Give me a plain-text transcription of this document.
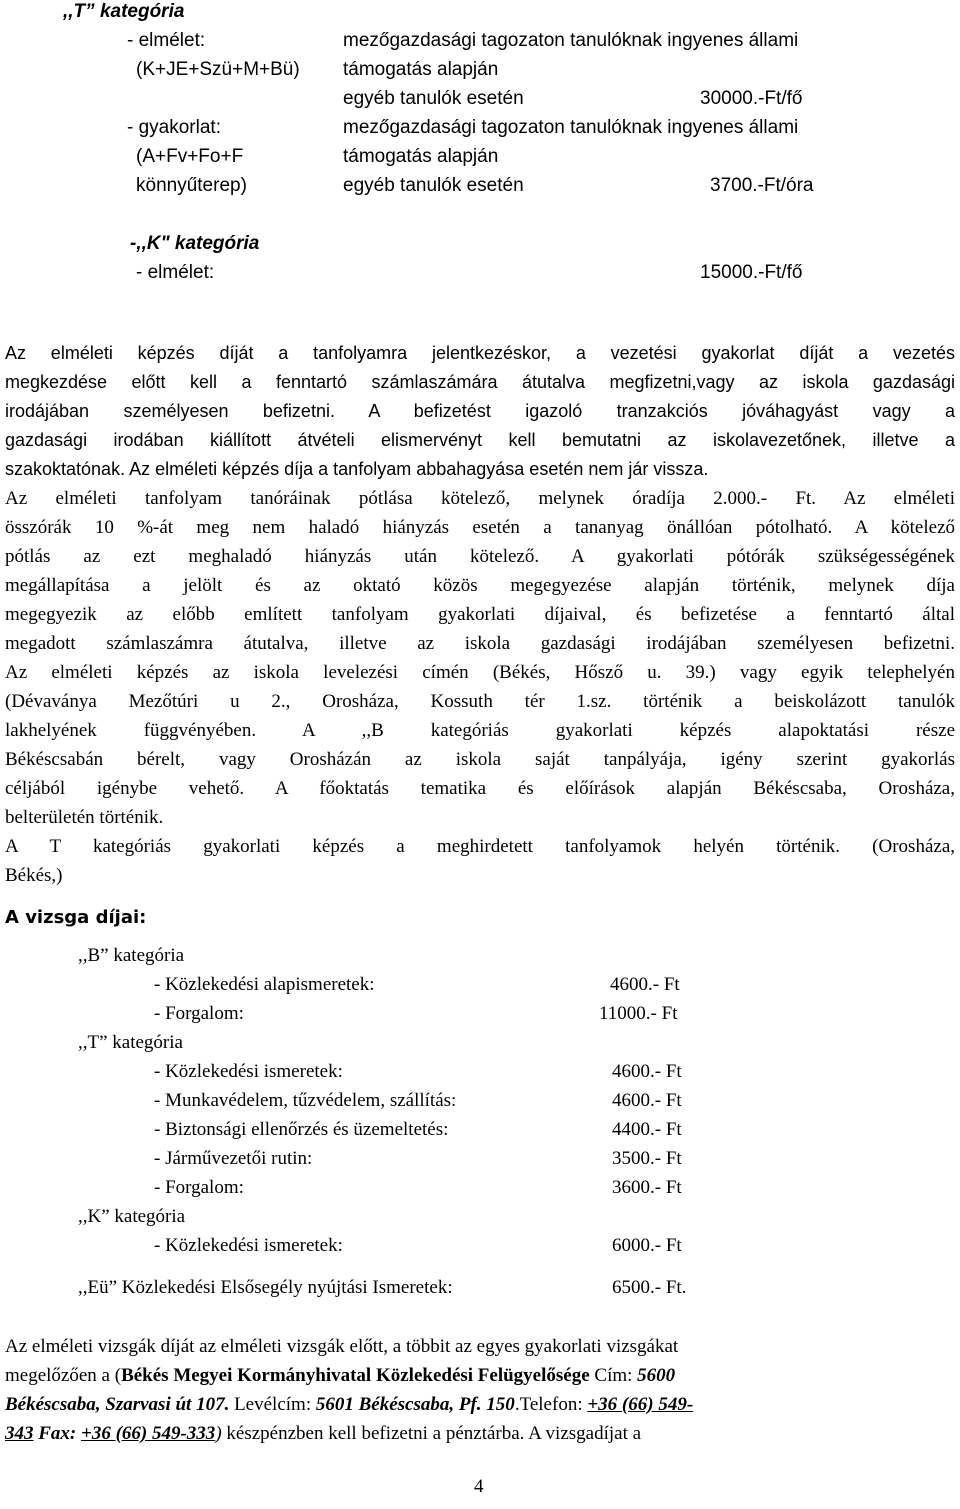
,,T” kategória
- elmélet:	mezőgazdasági tagozaton tanulóknak ingyenes állami
(K+JE+Szü+M+Bü) támogatás alapján
egyéb tanulók esetén	30000.-Ft/fő
- gyakorlat:	mezőgazdasági tagozaton tanulóknak ingyenes állami
(A+Fv+Fo+F	támogatás alapján
könnyűterep)	egyéb tanulók esetén	3700.-Ft/óra
-,,K" kategória
- elmélet:	15000.-Ft/fő
Az elméleti képzés díját a tanfolyamra jelentkezéskor, a vezetési gyakorlat díját a vezetés
megkezdése előtt kell a fenntartó számlaszámára átutalva megfizetni,vagy az iskola gazdasági
irodájában személyesen befizetni. A befizetést igazoló tranzakciós jóváhagyást vagy a
gazdasági irodában kiállított átvételi elismervényt kell bemutatni az iskolavezetőnek, illetve a
szakoktatónak. Az elméleti képzés díja a tanfolyam abbahagyása esetén nem jár vissza.
Az elméleti tanfolyam tanóráinak pótlása kötelező, melynek óradíja 2.000.- Ft. Az elméleti
összórák 10 %-át meg nem haladó hiányzás esetén a tananyag önállóan pótolható. A kötelező
pótlás az ezt meghaladó hiányzás után kötelező. A gyakorlati pótórák szükségességének
megállapítása a jelölt és az oktató közös megegyezése alapján történik, melynek díja
megegyezik az előbb említett tanfolyam gyakorlati díjaival, és befizetése a fenntartó által
megadott számlaszámra átutalva, illetve az iskola gazdasági irodájában személyesen befizetni.
Az elméleti képzés az iskola levelezési címén (Békés, Hősző u. 39.) vagy egyik telephelyén
(Dévaványa Mezőtúri u 2., Orosháza, Kossuth tér 1.sz. történik a beiskolázott tanulók
lakhelyének függvényében. A ,,B kategóriás gyakorlati képzés alapoktatási része
Békéscsabán bérelt, vagy Orosházán az iskola saját tanpályája, igény szerint gyakorlás
céljából igénybe vehető. A főoktatás tematika és előírások alapján Békéscsaba, Orosháza,
belterületén történik.
A T kategóriás gyakorlati képzés a meghirdetett tanfolyamok helyén történik. (Orosháza,
Békés,)
A vizsga díjai:
,,B” kategória
- Közlekedési alapismeretek:	4600.- Ft
- Forgalom:	11000.- Ft
,,T” kategória
- Közlekedési ismeretek:	4600.- Ft
- Munkavédelem, tűzvédelem, szállítás:	4600.- Ft
- Biztonsági ellenőrzés és üzemeltetés:	4400.- Ft
- Járművezetői rutin:	3500.- Ft
- Forgalom:	3600.- Ft
,,K” kategória
- Közlekedési ismeretek:	6000.- Ft
,,Eü” Közlekedési Elsősegély nyújtási Ismeretek:	6500.- Ft.
Az elméleti vizsgák díját az elméleti vizsgák előtt, a többit az egyes gyakorlati vizsgákat
megelőzően a (Békés Megyei Kormányhivatal Közlekedési Felügyelősége Cím: 5600
Békéscsaba, Szarvasi út 107. Levélcím: 5601 Békéscsaba, Pf. 150.Telefon: +36 (66) 549-
343 Fax: +36 (66) 549-333) készpénzben kell befizetni a pénztárba. A vizsgadíjat a
4
